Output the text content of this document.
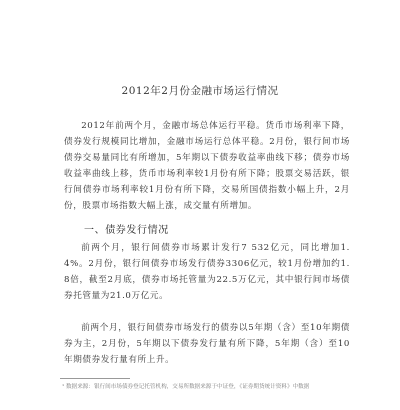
2012年2月份金融市场运行情况

2012年前两个月，金融市场总体运行平稳。货币市场利率下降，债券发行规模同比增加，金融市场运行总体平稳。2月份，银行间市场债券交易量同比有所增加，5年期以下债券收益率曲线下移；债券市场收益率曲线上移，货币市场利率较1月份有所下降；股票交易活跃，银行间债券市场利率较1月份有所下降，交易所国债指数小幅上升，2月份，股票市场指数大幅上涨，成交量有所增加。

一、债券发行情况

前两个月，银行间债券市场累计发行7 532亿元，同比增加1.4%。2月份，银行间债券市场发行债券3306亿元，较1月份增加约1.8倍，截至2月底，债券市场托管量为22.5万亿元，其中银行间市场债券托管量为21.0万亿元。

前两个月，银行间债券市场发行的债券以5年期（含）至10年期债券为主，2月份，5年期以下债券发行量有所下降，5年期（含）至10年期债券发行量有所上升。

¹ 数据来源：银行间市场债券登记托管机构，交易所数据来源于中证登，《证券期货统计资料》中数据
